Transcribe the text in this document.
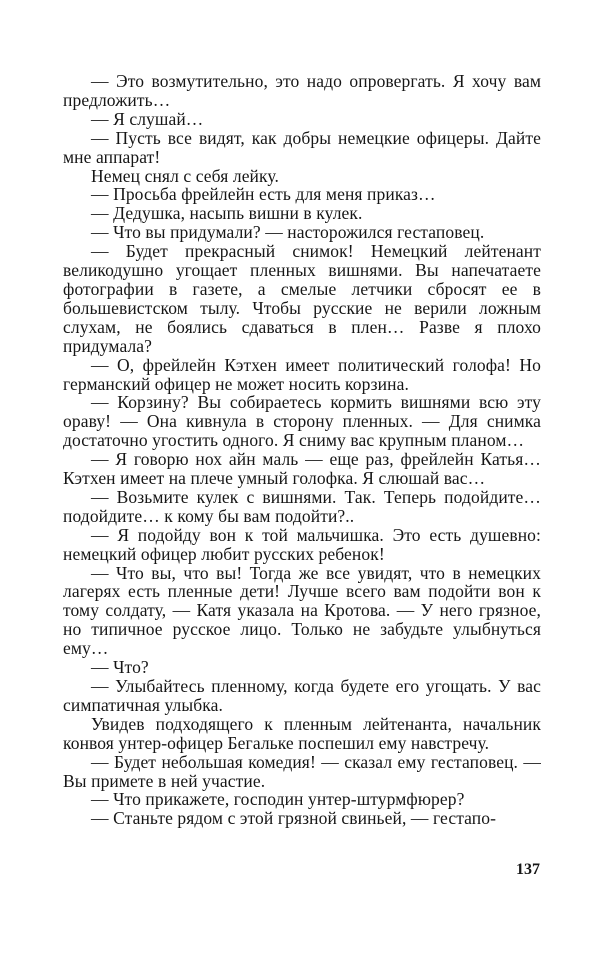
— Это возмутительно, это надо опровергать. Я хочу вам предложить…

— Я слушай…

— Пусть все видят, как добры немецкие офицеры. Дайте мне аппарат!

Немец снял с себя лейку.

— Просьба фрейлейн есть для меня приказ…

— Дедушка, насыпь вишни в кулек.

— Что вы придумали? — насторожился гестаповец.

— Будет прекрасный снимок! Немецкий лейтенант великодушно угощает пленных вишнями. Вы напечатаете фотографии в газете, а смелые летчики сбросят ее в большевистском тылу. Чтобы русские не верили ложным слухам, не боялись сдаваться в плен… Разве я плохо придумала?

— О, фрейлейн Кэтхен имеет политический голофа! Но германский офицер не может носить корзина.

— Корзину? Вы собираетесь кормить вишнями всю эту ораву! — Она кивнула в сторону пленных. — Для снимка достаточно угостить одного. Я сниму вас крупным планом…

— Я говорю нох айн маль — еще раз, фрейлейн Катья… Кэтхен имеет на плече умный голофка. Я слюшай вас…

— Возьмите кулек с вишнями. Так. Теперь подойдите… подойдите… к кому бы вам подойти?..

— Я подойду вон к той мальчишка. Это есть душевно: немецкий офицер любит русских ребенок!

— Что вы, что вы! Тогда же все увидят, что в немецких лагерях есть пленные дети! Лучше всего вам подойти вон к тому солдату, — Катя указала на Кротова. — У него грязное, но типичное русское лицо. Только не забудьте улыбнуться ему…

— Что?

— Улыбайтесь пленному, когда будете его угощать. У вас симпатичная улыбка.

Увидев подходящего к пленным лейтенанта, начальник конвоя унтер-офицер Бегальке поспешил ему навстречу.

— Будет небольшая комедия! — сказал ему гестаповец. — Вы примете в ней участие.

— Что прикажете, господин унтер-штурмфюрер?

— Станьте рядом с этой грязной свиньей, — гестапо-

137
